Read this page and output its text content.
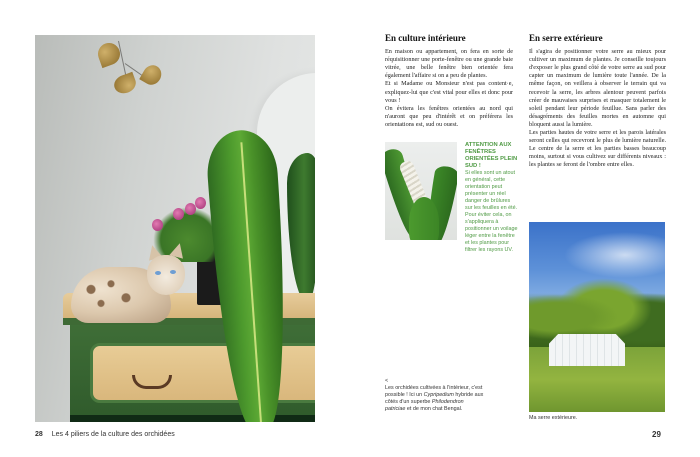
28 Les 4 piliers de la culture des orchidées
En culture intérieure

En maison ou appartement, on fera en sorte de réquisitionner une porte-fenêtre ou une grande baie vitrée, une belle fenêtre bien orientée fera également l'affaire si on a peu de plantes.

Et si Madame ou Monsieur n'est pas content·e, expliquez-lui que c'est vital pour elles et donc pour vous !

On évitera les fenêtres orientées au nord qui n'auront que peu d'intérêt et on préférera les orientations est, sud ou ouest.

En serre extérieure

Il s'agira de positionner votre serre au mieux pour cultiver un maximum de plantes. Je conseille toujours d'exposer le plus grand côté de votre serre au sud pour capter un maximum de lumière toute l'année. De la même façon, on veillera à observer le terrain qui va recevoir la serre, les arbres alentour peuvent parfois créer de mauvaises surprises et masquer totalement le soleil pendant leur période feuillue. Sans parler des désagréments des feuilles mortes en automne qui bloquent aussi la lumière.

Les parties hautes de votre serre et les parois latérales seront celles qui recevront le plus de lumière naturelle. Le centre de la serre et les parties basses beaucoup moins, surtout si vous cultivez sur différents niveaux : les plantes se feront de l'ombre entre elles.

ATTENTION AUX FENÊTRES ORIENTÉES PLEIN SUD !
Si elles sont un atout en général, cette orientation peut présenter un réel danger de brûlures sur les feuilles en été. Pour éviter cela, on s'appliquera à positionner un voilage léger entre la fenêtre et les plantes pour filtrer les rayons UV.
<
Les orchidées cultivées à l'intérieur, c'est possible ! Ici un Cypripedium hybride aux côtés d'un superbe Philodendron patriciae et de mon chat Bengal.
Ma serre extérieure.
29
